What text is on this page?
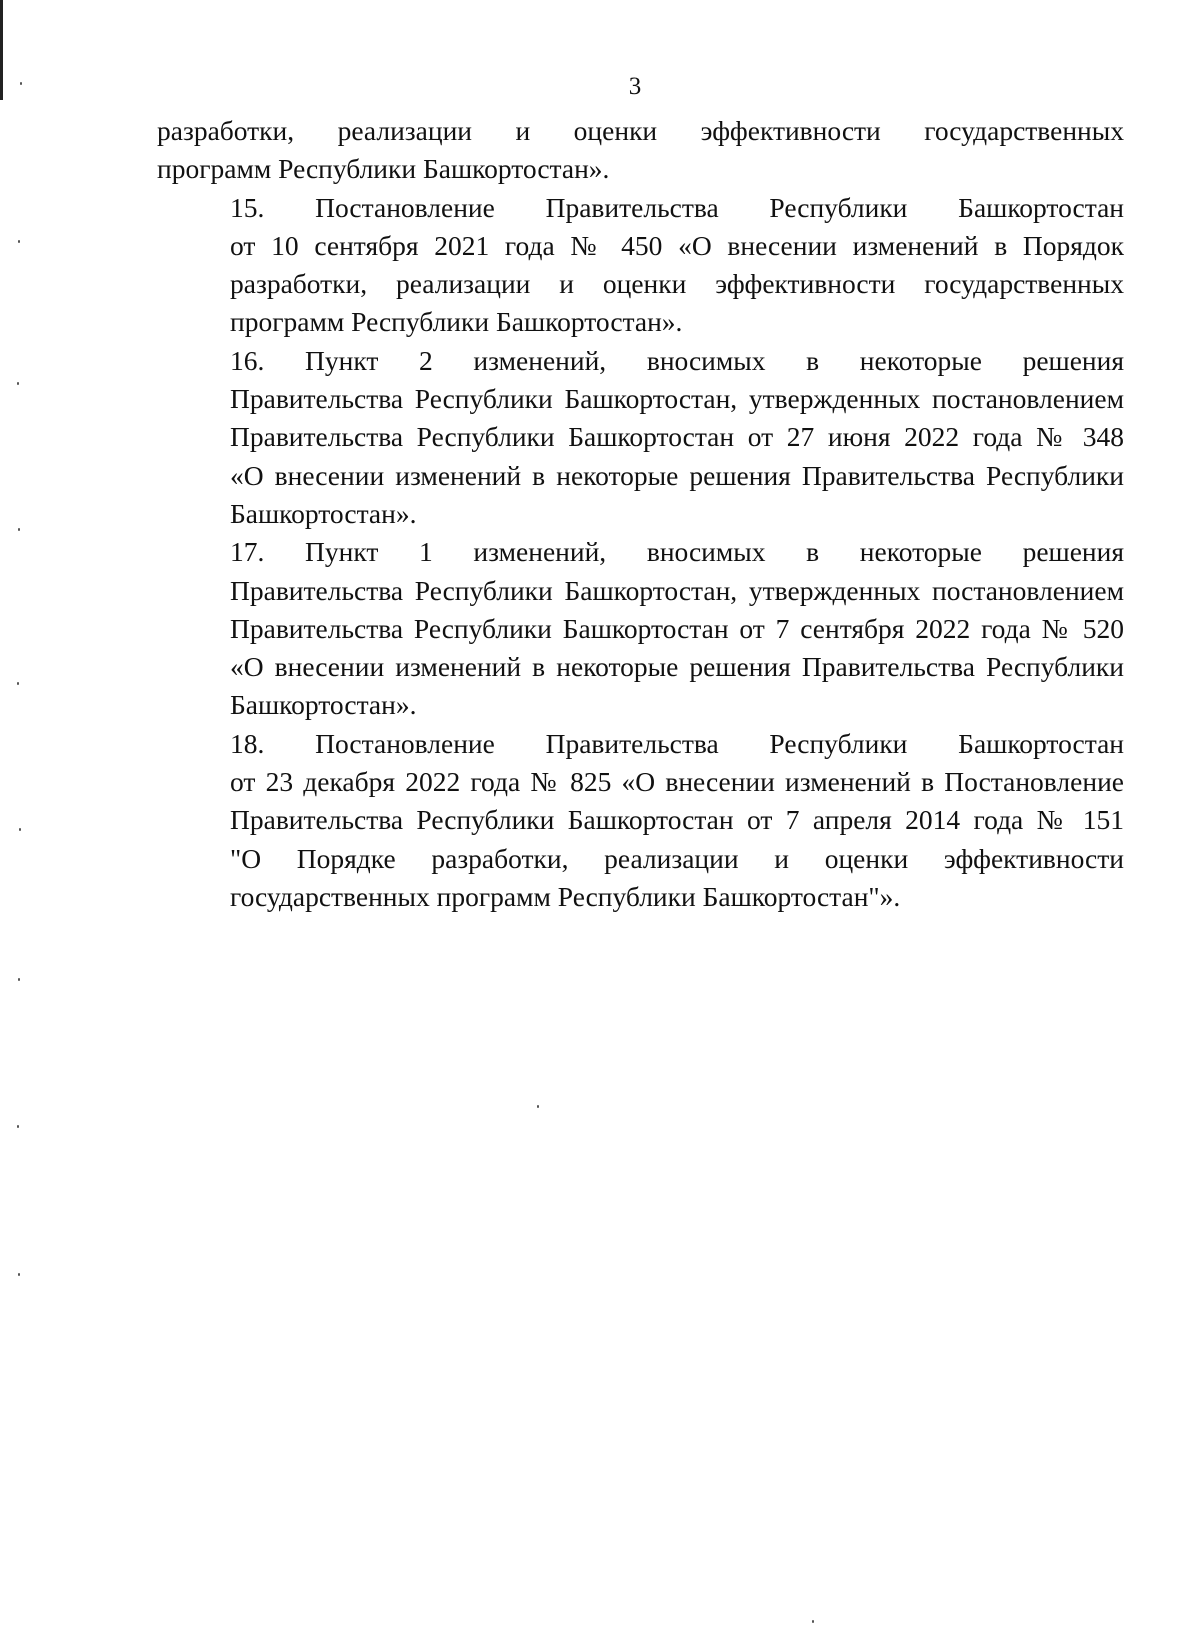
3

разработки, реализации и оценки эффективности государственных
программ Республики Башкортостан».

15. Постановление Правительства Республики Башкортостан
от 10 сентября 2021 года № 450 «О внесении изменений в Порядок
разработки, реализации и оценки эффективности государственных
программ Республики Башкортостан».

16. Пункт 2 изменений, вносимых в некоторые решения
Правительства Республики Башкортостан, утвержденных постановлением
Правительства Республики Башкортостан от 27 июня 2022 года № 348
«О внесении изменений в некоторые решения Правительства Республики
Башкортостан».

17. Пункт 1 изменений, вносимых в некоторые решения
Правительства Республики Башкортостан, утвержденных постановлением
Правительства Республики Башкортостан от 7 сентября 2022 года № 520
«О внесении изменений в некоторые решения Правительства Республики
Башкортостан».

18. Постановление Правительства Республики Башкортостан
от 23 декабря 2022 года № 825 «О внесении изменений в Постановление
Правительства Республики Башкортостан от 7 апреля 2014 года № 151
"О Порядке разработки, реализации и оценки эффективности
государственных программ Республики Башкортостан"».
